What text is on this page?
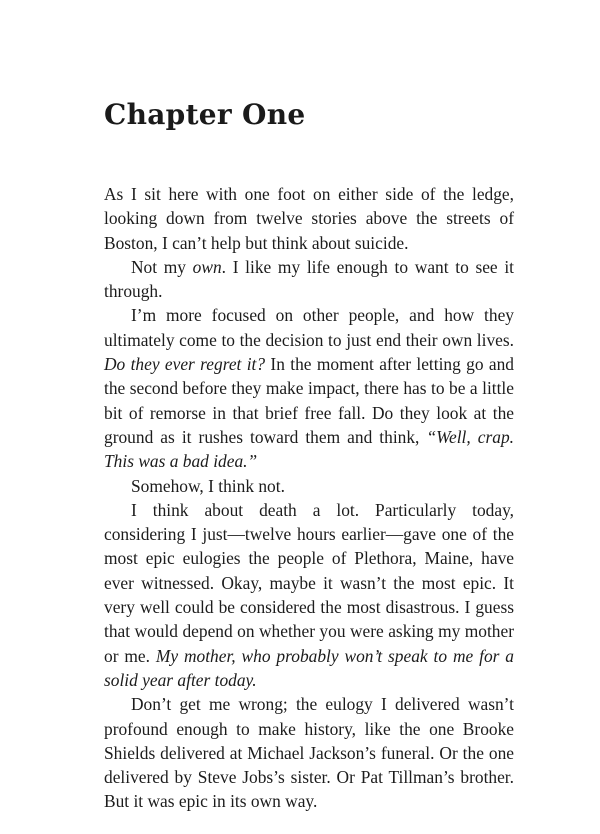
Chapter One

As I sit here with one foot on either side of the ledge, looking down from twelve stories above the streets of Boston, I can’t help but think about suicide.

Not my own. I like my life enough to want to see it through.

I’m more focused on other people, and how they ultimately come to the decision to just end their own lives. Do they ever regret it? In the moment after letting go and the second before they make impact, there has to be a little bit of remorse in that brief free fall. Do they look at the ground as it rushes toward them and think, “Well, crap. This was a bad idea.”

Somehow, I think not.

I think about death a lot. Particularly today, considering I just—twelve hours earlier—gave one of the most epic eulogies the people of Plethora, Maine, have ever witnessed. Okay, maybe it wasn’t the most epic. It very well could be considered the most disastrous. I guess that would depend on whether you were asking my mother or me. My mother, who probably won’t speak to me for a solid year after today.

Don’t get me wrong; the eulogy I delivered wasn’t profound enough to make history, like the one Brooke Shields delivered at Michael Jackson’s funeral. Or the one delivered by Steve Jobs’s sister. Or Pat Tillman’s brother. But it was epic in its own way.
